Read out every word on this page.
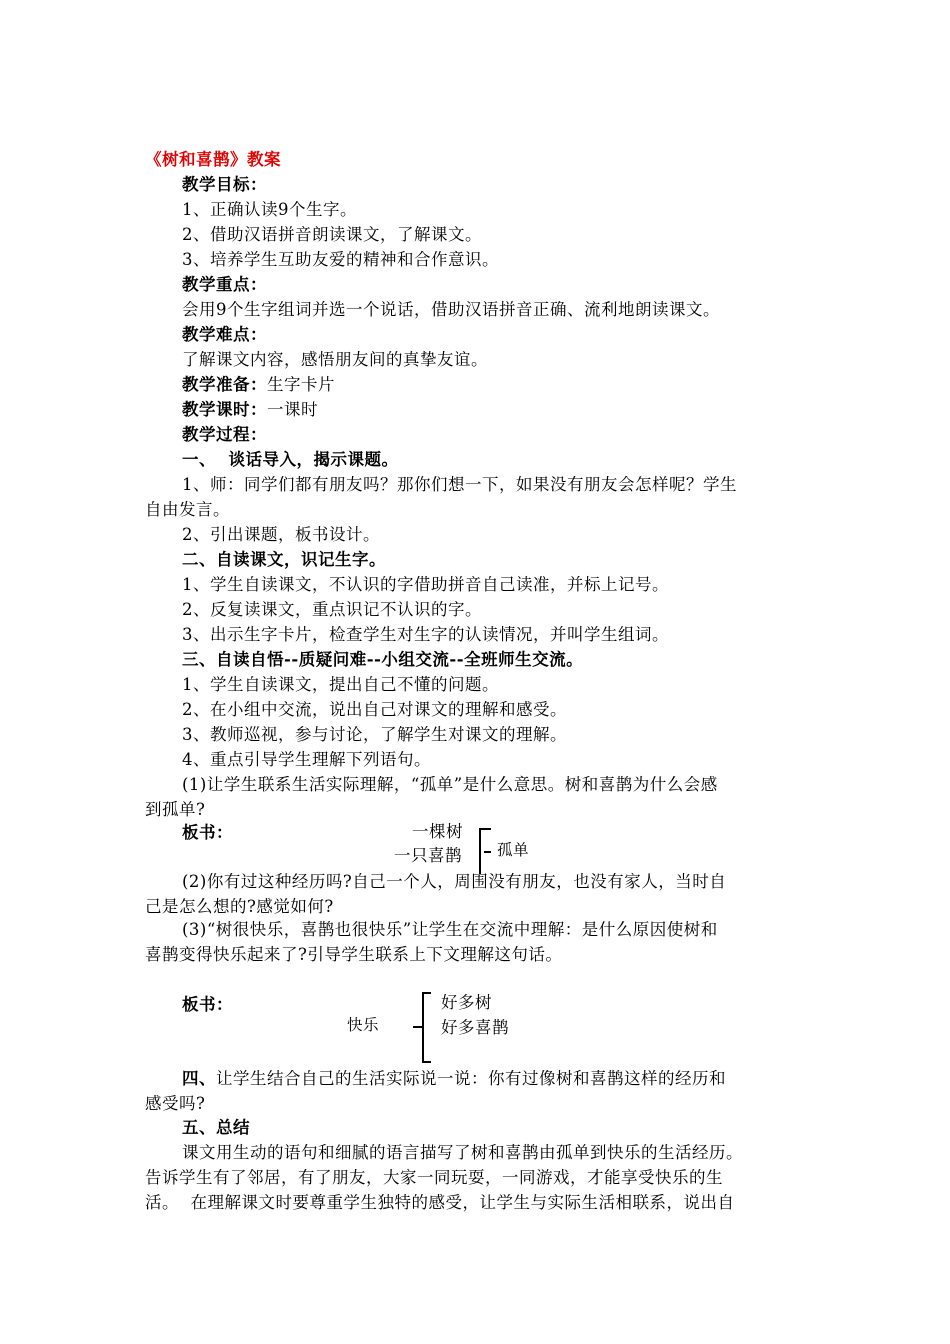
《树和喜鹊》教案
教学目标：
1、正确认读9个生字。
2、借助汉语拼音朗读课文，了解课文。
3、培养学生互助友爱的精神和合作意识。
教学重点：
会用9个生字组词并选一个说话，借助汉语拼音正确、流利地朗读课文。
教学难点：
了解课文内容，感悟朋友间的真挚友谊。
教学准备：生字卡片
教学课时：一课时
教学过程：
一、  谈话导入，揭示课题。
1、师：同学们都有朋友吗？那你们想一下，如果没有朋友会怎样呢？学生
自由发言。
2、引出课题，板书设计。
二、自读课文，识记生字。
1、学生自读课文，不认识的字借助拼音自己读准，并标上记号。
2、反复读课文，重点识记不认识的字。
3、出示生字卡片，检查学生对生字的认读情况，并叫学生组词。
三、自读自悟--质疑问难--小组交流--全班师生交流。
1、学生自读课文，提出自己不懂的问题。
2、在小组中交流，说出自己对课文的理解和感受。
3、教师巡视，参与讨论，了解学生对课文的理解。
4、重点引导学生理解下列语句。
(1)让学生联系生活实际理解，“孤单”是什么意思。树和喜鹊为什么会感
到孤单?
板书：	一棵树
一只喜鹊 孤单
(2)你有过这种经历吗?自己一个人，周围没有朋友，也没有家人，当时自
己是怎么想的?感觉如何?
(3)“树很快乐，喜鹊也很快乐”让学生在交流中理解：是什么原因使树和
喜鹊变得快乐起来了?引导学生联系上下文理解这句话。
板书：
快乐
好多树
好多喜鹊
四、让学生结合自己的生活实际说一说：你有过像树和喜鹊这样的经历和
感受吗?
五、总结
课文用生动的语句和细腻的语言描写了树和喜鹊由孤单到快乐的生活经历。
告诉学生有了邻居，有了朋友，大家一同玩耍，一同游戏，才能享受快乐的生
活。  在理解课文时要尊重学生独特的感受，让学生与实际生活相联系，说出自
